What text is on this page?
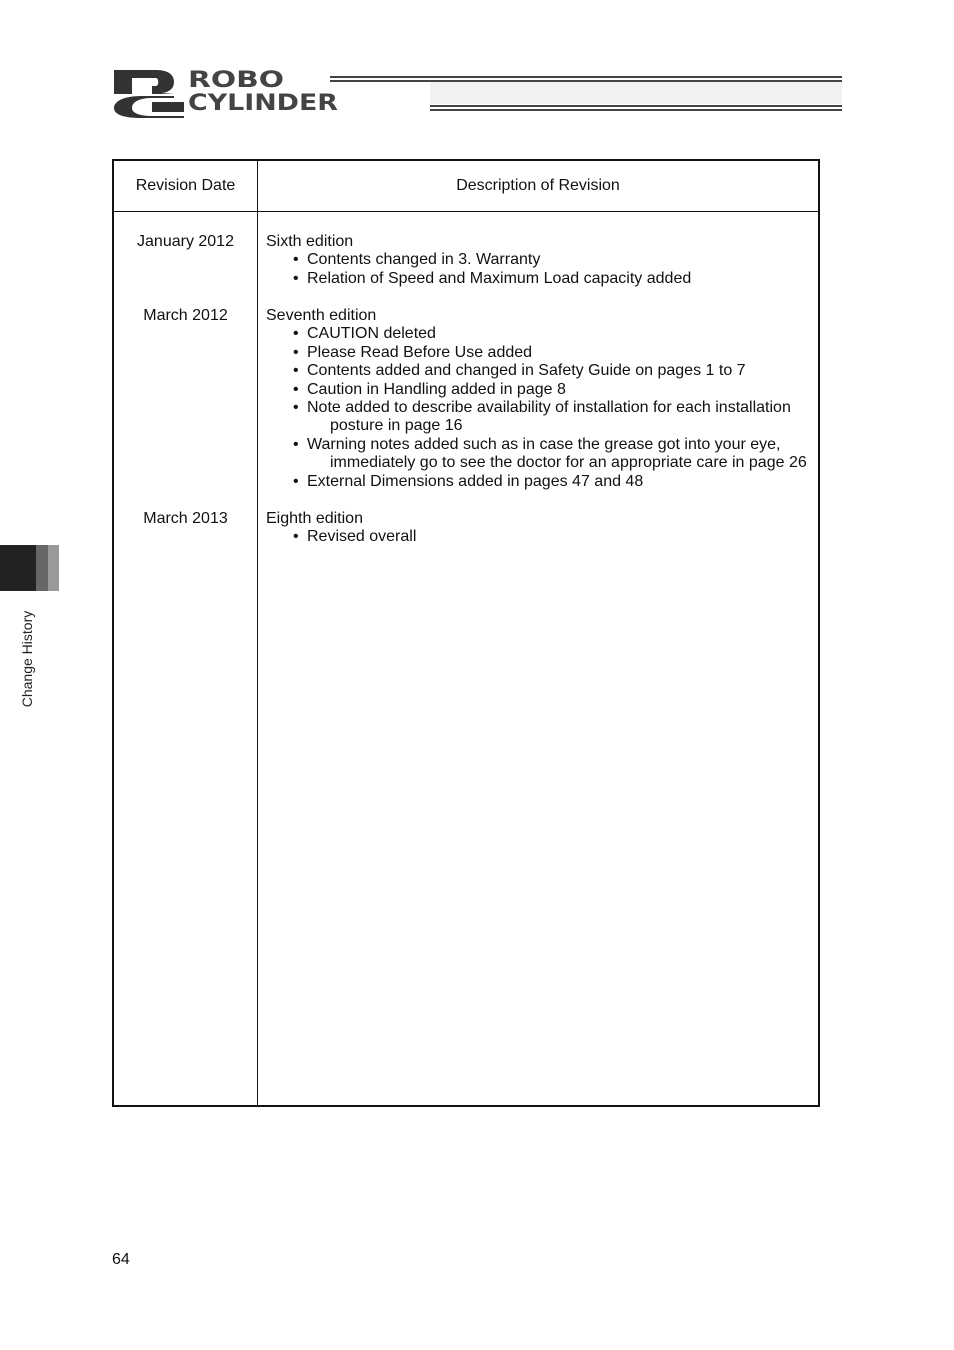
ROBO
CYLINDER
Revision Date	Description of Revision
January 2012	Sixth edition
• Contents changed in 3. Warranty
• Relation of Speed and Maximum Load capacity added
March 2012	Seventh edition
• CAUTION deleted
• Please Read Before Use added
• Contents added and changed in Safety Guide on pages 1 to 7
• Caution in Handling added in page 8
• Note added to describe availability of installation for each installation
posture in page 16
• Warning notes added such as in case the grease got into your eye,
immediately go to see the doctor for an appropriate care in page 26
• External Dimensions added in pages 47 and 48
March 2013	Eighth edition
• Revised overall
Change History
64
